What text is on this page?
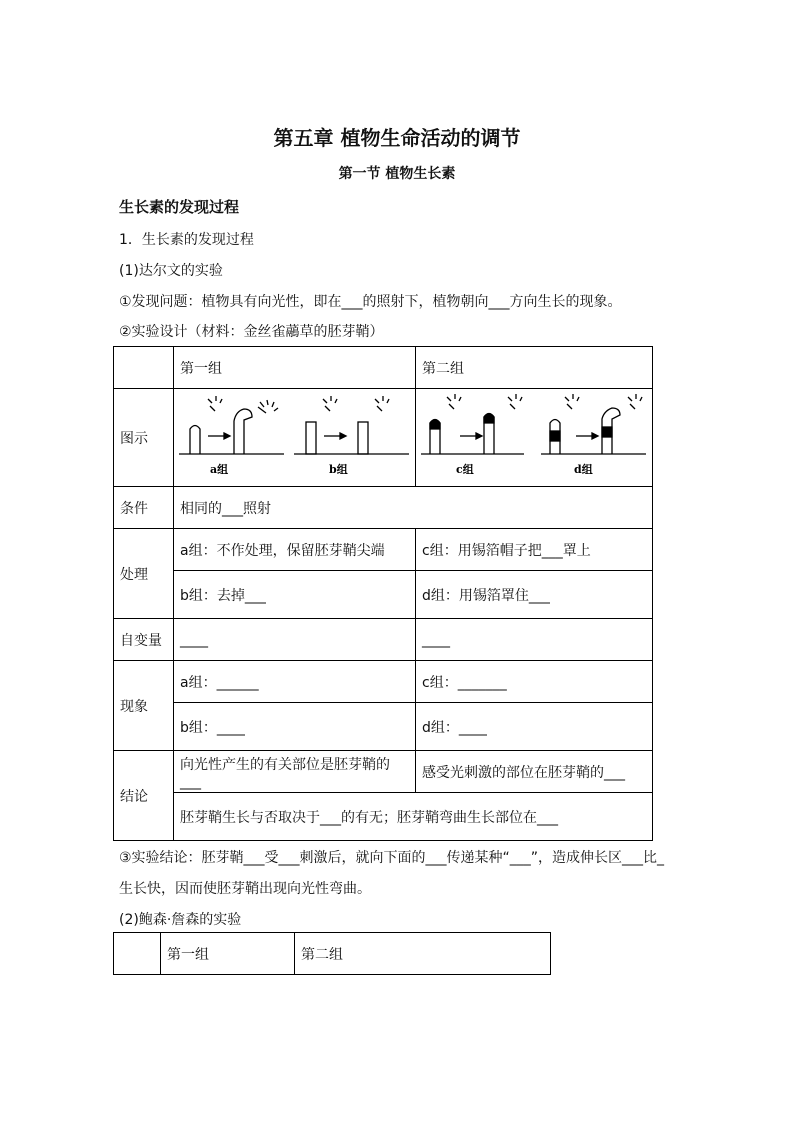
第五章 植物生命活动的调节
第一节 植物生长素
生长素的发现过程
1．生长素的发现过程
(1)达尔文的实验
①发现问题：植物具有向光性，即在___的照射下，植物朝向___方向生长的现象。
②实验设计（材料：金丝雀虉草的胚芽鞘）
	第一组	第二组
图示	a组 b组	c组 d组

条件	相同的___照射	
处理	a组：不作处理，保留胚芽鞘尖端	c组：用锡箔帽子把___罩上
	b组：去掉___	d组：用锡箔罩住___
自变量	____	____
现象	a组：______	c组：_______
	b组：____	d组：____
结论	向光性产生的有关部位是胚芽鞘的___	感受光刺激的部位在胚芽鞘的___
	胚芽鞘生长与否取决于___的有无；胚芽鞘弯曲生长部位在___	
③实验结论：胚芽鞘___受___刺激后，就向下面的___传递某种“___”，造成伸长区___比_
生长快，因而使胚芽鞘出现向光性弯曲。
(2)鲍森·詹森的实验
	第一组	第二组
